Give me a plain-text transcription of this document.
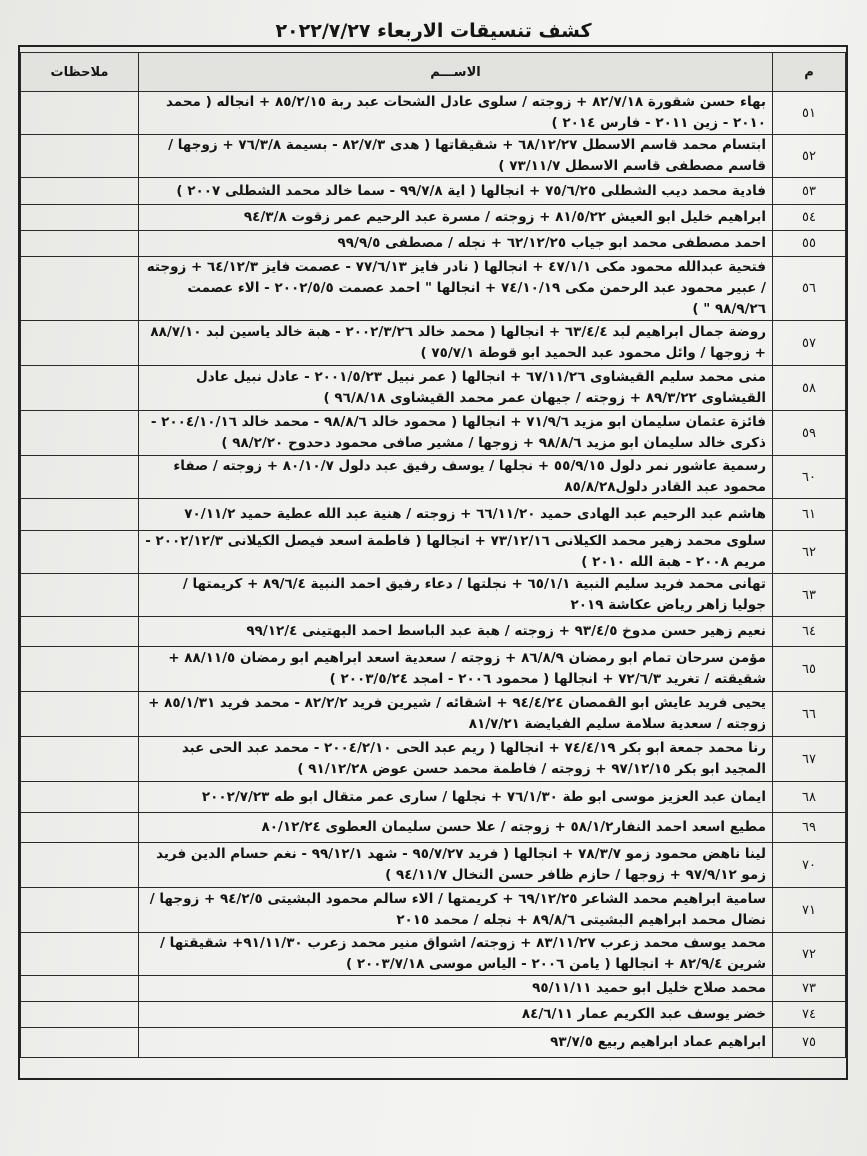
كشف تنسيقات الاربعاء ٢٠٢٢/٧/٢٧
م	الاســـم	ملاحظات
٥١	بهاء حسن شقورة ٨٢/٧/١٨ + زوجته / سلوى عادل الشحات عبد ربة ٨٥/٢/١٥ + انجاله ( محمد ٢٠١٠ - زين ٢٠١١ - فارس ٢٠١٤ )	
٥٢	ابتسام محمد قاسم الاسطل ٦٨/١٢/٢٧ + شقيقاتها ( هدى ٨٢/٧/٣ - بسيمة ٧٦/٣/٨ + زوجها / قاسم مصطفى قاسم الاسطل ٧٣/١١/٧ )	
٥٣	فادية محمد ديب الشطلى ٧٥/٦/٢٥ + انجالها ( اية ٩٩/٧/٨ - سما خالد محمد الشطلى ٢٠٠٧ )	
٥٤	ابراهيم خليل ابو العيش ٨١/٥/٢٢ + زوجته / مسرة عبد الرحيم عمر زقوت ٩٤/٣/٨	
٥٥	احمد مصطفى محمد ابو جياب ٦٢/١٢/٢٥ + نجله / مصطفى ٩٩/٩/٥	
٥٦	فتحية عبدالله محمود مكى ٤٧/١/١ + انجالها ( نادر فايز ٧٧/٦/١٣ - عصمت فايز ٦٤/١٢/٣ + زوجته / عبير محمود عبد الرحمن مكى ٧٤/١٠/١٩ + انجالها " احمد عصمت ٢٠٠٢/٥/٥ - الاء عصمت ٩٨/٩/٢٦ " )	
٥٧	روضة جمال ابراهيم لبد ٦٣/٤/٤ + انجالها ( محمد خالد ٢٠٠٢/٣/٢٦ - هبة خالد ياسين لبد ٨٨/٧/١٠ + زوجها / وائل محمود عبد الحميد ابو قوطة ٧٥/٧/١ )	
٥٨	منى محمد سليم القيشاوى ٦٧/١١/٢٦ + انجالها ( عمر نبيل ٢٠٠١/٥/٢٣ - عادل نبيل عادل القيشاوى ٨٩/٣/٢٢ + زوجته / جيهان عمر محمد القيشاوى ٩٦/٨/١٨ )	
٥٩	فائزة عثمان سليمان ابو مزيد ٧١/٩/٦ + انجالها ( محمود خالد ٩٨/٨/٦ - محمد خالد ٢٠٠٤/١٠/١٦ - ذكرى خالد سليمان ابو مزيد ٩٨/٨/٦ + زوجها / مشير صافى محمود دحدوح ٩٨/٢/٢٠ )	
٦٠	رسمية عاشور نمر دلول ٥٥/٩/١٥ + نجلها / يوسف رفيق عبد دلول ٨٠/١٠/٧ + زوجته / صفاء محمود عبد القادر دلول٨٥/٨/٢٨	
٦١	هاشم عبد الرحيم عبد الهادى حميد ٦٦/١١/٢٠ + زوجته / هنية عبد الله عطية حميد ٧٠/١١/٢	
٦٢	سلوى محمد زهير محمد الكيلانى ٧٣/١٢/١٦ + انجالها ( فاطمة اسعد فيصل الكيلانى ٢٠٠٢/١٢/٣ - مريم ٢٠٠٨ - هبة الله ٢٠١٠ )	
٦٣	تهانى محمد فريد سليم النبية ٦٥/١/١ + نجلتها / دعاء رفيق احمد النبية ٨٩/٦/٤ + كريمتها / جوليا زاهر رياض عكاشة ٢٠١٩	
٦٤	نعيم زهير حسن مدوخ ٩٣/٤/٥ + زوجته / هبة عبد الباسط احمد البهتينى ٩٩/١٢/٤	
٦٥	مؤمن سرحان تمام ابو رمضان ٨٦/٨/٩ + زوجته / سعدية اسعد ابراهيم ابو رمضان ٨٨/١١/٥ + شقيقته / تغريد ٧٢/٦/٣ + انجالها ( محمود ٢٠٠٦ - امجد ٢٠٠٣/٥/٢٤ )	
٦٦	يحيى فريد عايش ابو القمصان ٩٤/٤/٢٤ + اشقائه / شيرين فريد ٨٢/٢/٢ - محمد فريد ٨٥/١/٣١ + زوجته / سعدية سلامة سليم الفيايضة ٨١/٧/٢١	
٦٧	رنا محمد جمعة ابو بكر ٧٤/٤/١٩ + انجالها ( ريم عبد الحى ٢٠٠٤/٢/١٠ - محمد عبد الحى عبد المجيد ابو بكر ٩٧/١٢/١٥ + زوجته / فاطمة محمد حسن عوض ٩١/١٢/٢٨ )	
٦٨	ايمان عبد العزيز موسى ابو طة ٧٦/١/٣٠ + نجلها / سارى عمر متقال ابو طه ٢٠٠٢/٧/٢٣	
٦٩	مطيع اسعد احمد النفار٥٨/١/٢ + زوجته / علا حسن سليمان العطوى ٨٠/١٢/٢٤	
٧٠	لينا ناهض محمود زمو ٧٨/٣/٧ + انجالها ( فريد ٩٥/٧/٢٧ - شهد ٩٩/١٢/١ - نغم حسام الدين فريد زمو ٩٧/٩/١٢ + زوجها / حازم ظافر حسن النخال ٩٤/١١/٧ )	
٧١	سامية ابراهيم محمد الشاعر ٦٩/١٢/٢٥ + كريمتها / الاء سالم محمود البشيتى ٩٤/٢/٥ + زوجها / نضال محمد ابراهيم البشيتى ٨٩/٨/٦ + نجله / محمد ٢٠١٥	
٧٢	محمد يوسف محمد زعرب ٨٣/١١/٢٧ + زوجته/ اشواق منير محمد زعرب ٩١/١١/٣٠+ شقيقتها / شرين ٨٢/٩/٤ + انجالها ( يامن ٢٠٠٦ - الياس موسى ٢٠٠٣/٧/١٨ )	
٧٣	محمد صلاح خليل ابو حميد ٩٥/١١/١١	
٧٤	خضر يوسف عبد الكريم عمار ٨٤/٦/١١	
٧٥	ابراهيم عماد ابراهيم ربيع ٩٣/٧/٥	
